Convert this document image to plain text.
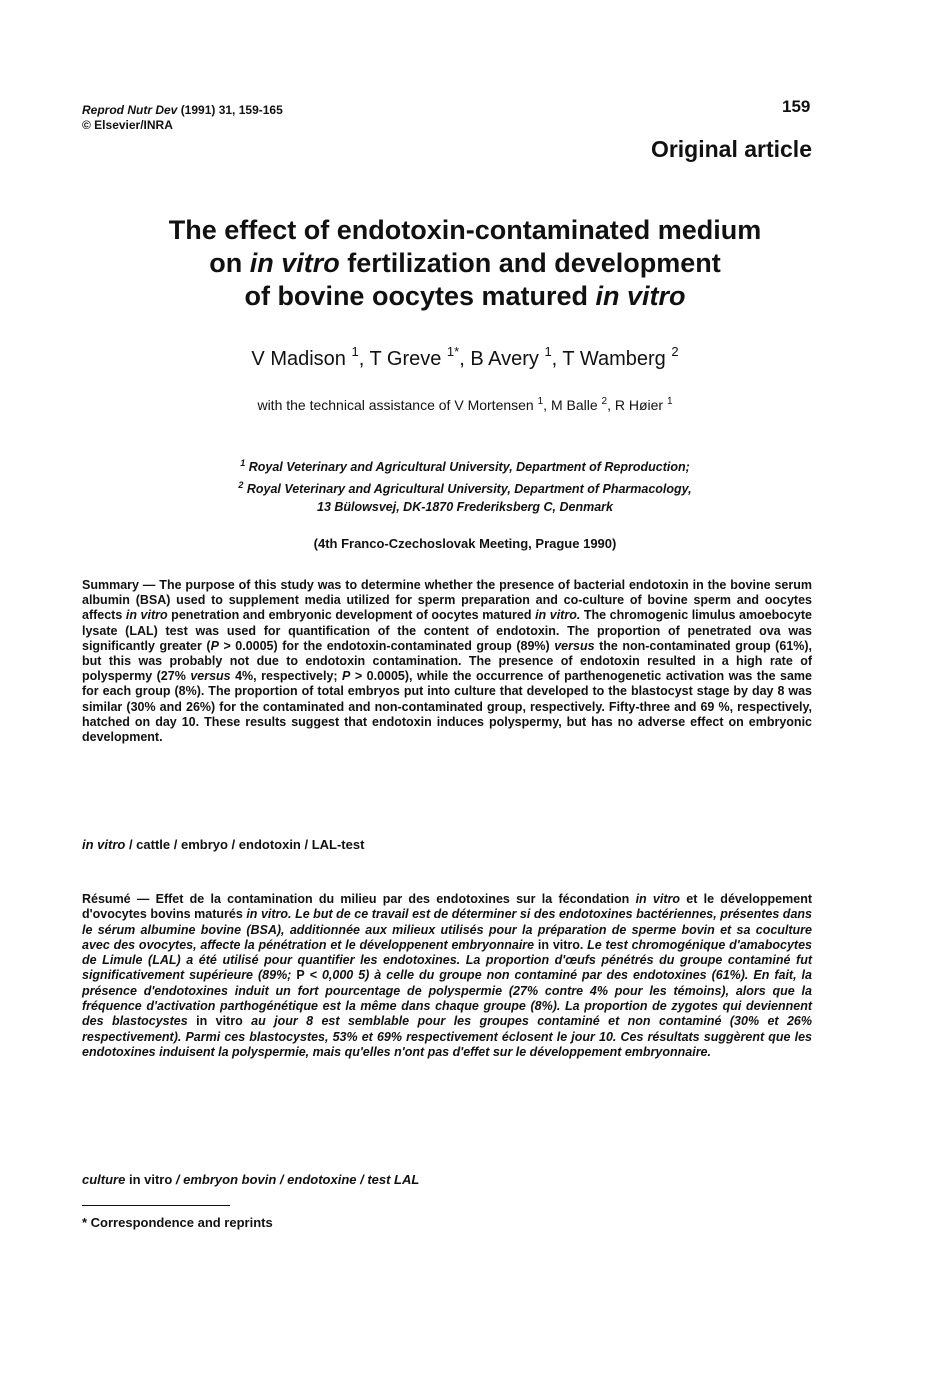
Reprod Nutr Dev (1991) 31, 159-165
© Elsevier/INRA
159
Original article
The effect of endotoxin-contaminated medium
on in vitro fertilization and development
of bovine oocytes matured in vitro
V Madison $^1$, T Greve $^{1*}$, B Avery $^1$, T Wamberg $^2$
with the technical assistance of V Mortensen $^1$, M Balle $^2$, R Høier $^1$
$^1$ Royal Veterinary and Agricultural University, Department of Reproduction;
$^2$ Royal Veterinary and Agricultural University, Department of Pharmacology,
13 Bülowsvej, DK-1870 Frederiksberg C, Denmark
(4th Franco-Czechoslovak Meeting, Prague 1990)
Summary — The purpose of this study was to determine whether the presence of bacterial endotoxin in the bovine serum albumin (BSA) used to supplement media utilized for sperm preparation and co-culture of bovine sperm and oocytes affects in vitro penetration and embryonic development of oocytes matured in vitro. The chromogenic limulus amoebocyte lysate (LAL) test was used for quantification of the content of endotoxin. The proportion of penetrated ova was significantly greater (P > 0.0005) for the endotoxin-contaminated group (89%) versus the non-contaminated group (61%), but this was probably not due to endotoxin contamination. The presence of endotoxin resulted in a high rate of polyspermy (27% versus 4%, respectively; P > 0.0005), while the occurrence of parthenogenetic activation was the same for each group (8%). The proportion of total embryos put into culture that developed to the blastocyst stage by day 8 was similar (30% and 26%) for the contaminated and non-contaminated group, respectively. Fifty-three and 69 %, respectively, hatched on day 10. These results suggest that endotoxin induces polyspermy, but has no adverse effect on embryonic development.
in vitro / cattle / embryo / endotoxin / LAL-test
Résumé — Effet de la contamination du milieu par des endotoxines sur la fécondation in vitro et le développement d'ovocytes bovins maturés in vitro. Le but de ce travail est de déterminer si des endotoxines bactériennes, présentes dans le sérum albumine bovine (BSA), additionnée aux milieux utilisés pour la préparation de sperme bovin et sa coculture avec des ovocytes, affecte la pénétration et le développenent embryonnaire in vitro. Le test chromogénique d'amabocytes de Limule (LAL) a été utilisé pour quantifier les endotoxines. La proportion d'œufs pénétrés du groupe contaminé fut significativement supérieure (89%; P < 0,000 5) à celle du groupe non contaminé par des endotoxines (61%). En fait, la présence d'endotoxines induit un fort pourcentage de polyspermie (27% contre 4% pour les témoins), alors que la fréquence d'activation parthogénétique est la même dans chaque groupe (8%). La proportion de zygotes qui deviennent des blastocystes in vitro au jour 8 est semblable pour les groupes contaminé et non contaminé (30% et 26% respectivement). Parmi ces blastocystes, 53% et 69% respectivement éclosent le jour 10. Ces résultats suggèrent que les endotoxines induisent la polyspermie, mais qu'elles n'ont pas d'effet sur le développement embryonnaire.
culture in vitro / embryon bovin / endotoxine / test LAL
* Correspondence and reprints
